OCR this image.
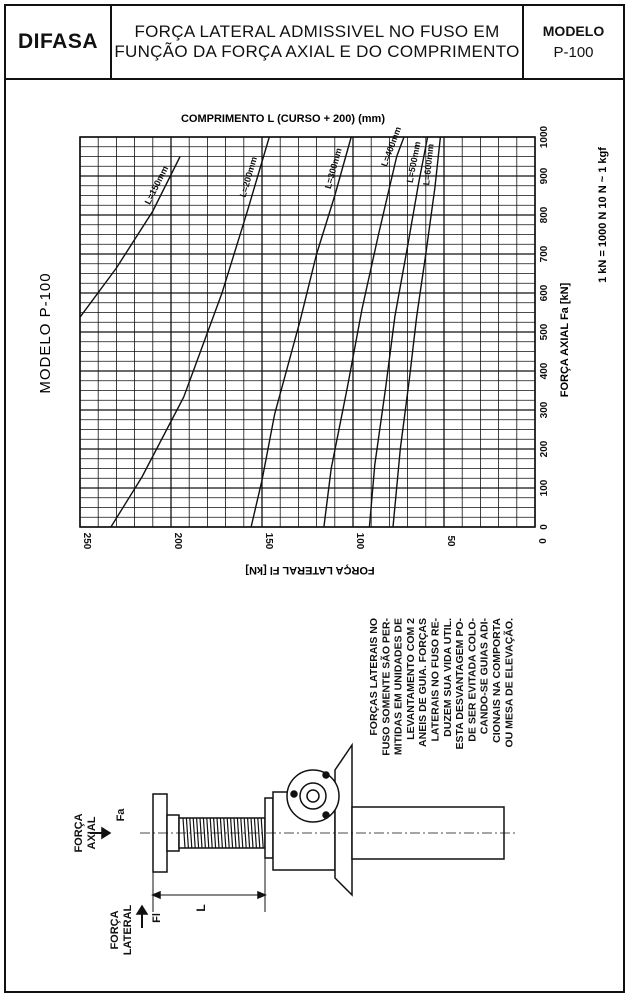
DIFASA	FORÇA LATERAL ADMISSIVEL NO FUSO EM
FUNÇÃO DA FORÇA AXIAL E DO COMPRIMENTO
MODELO
P-100
MODELO P-100
1 kN = 1000 N 10 N ~ 1 kgf
COMPRIMENTO L (CURSO + 200) (mm)
L=150mm	L=200mm	L=300mm
L=400mm L=500mm
L=600mm
250	200	150	100	50	0
0
100
200
300
400
500
600
700
800
900
1000
FORÇA AXIAL Fa [kN]
FORÇA LATERAL Fl [kN]
FORÇAS LATERAIS NO FUSO SOMENTE SÃO PER- MITIDAS EM UNIDADES DE LEVANTAMENTO COM 2 ANEIS DE GUIA. FORÇAS LATERAIS NO FUSO RE- DUZEM SUA VIDA UTIL. ESTA DESVANTAGEM PO- DE SER EVITADA COLO- CANDO-SE GUIAS ADI- CIONAIS NA COMPORTA OU MESA DE ELEVAÇÃO.
FORÇA AXIAL
Fa
FORÇA LATERAL Fl
L
